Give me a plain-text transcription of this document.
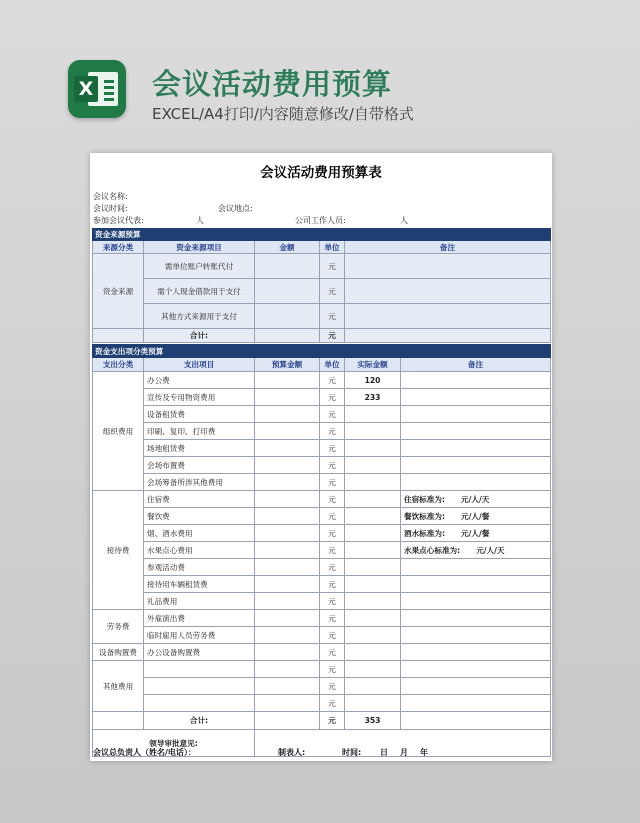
X 会议活动费用预算
EXCEL/A4打印/内容随意修改/自带格式
会议活动费用预算表
会议名称:
会议时间:	会议地点:
参加会议代表:	人	公司工作人员:	人
资金来源预算				
来源分类	资金来源项目	金额	单位	备注
资金来源	需单位账户转账代付		元	
	需个人现金借款用于支付		元	
	其他方式来源用于支付		元	
	合计:		元	
资金支出项分类预算					
支出分类	支出项目	预算金额	单位	实际金额	备注
组织费用	办公费		元	120	
	宣传及专用物资费用		元	233	
	设备租赁费		元		
	印刷、复印、打印费		元		
	场地租赁费		元		
	会场布置费		元		
	会场筹备所涉其他费用		元		
接待费	住宿费		元		住宿标准为: 元/人/天
	餐饮费		元		餐饮标准为: 元/人/餐
	烟、酒水费用		元		酒水标准为: 元/人/餐
	水果点心费用		元		水果点心标准为: 元/人/天
	参观活动费		元		
	接待用车辆租赁费		元		
	礼品费用		元		
劳务费	外雇演出费		元		
	临时雇用人员劳务费		元		
设备购置费	办公设备购置费		元		
其他费用			元		
			元		
			元		
	合计:		元	353	
领导审批意见:					
会议总负责人（姓名/电话）：	制表人:	时间: 日 月 年
